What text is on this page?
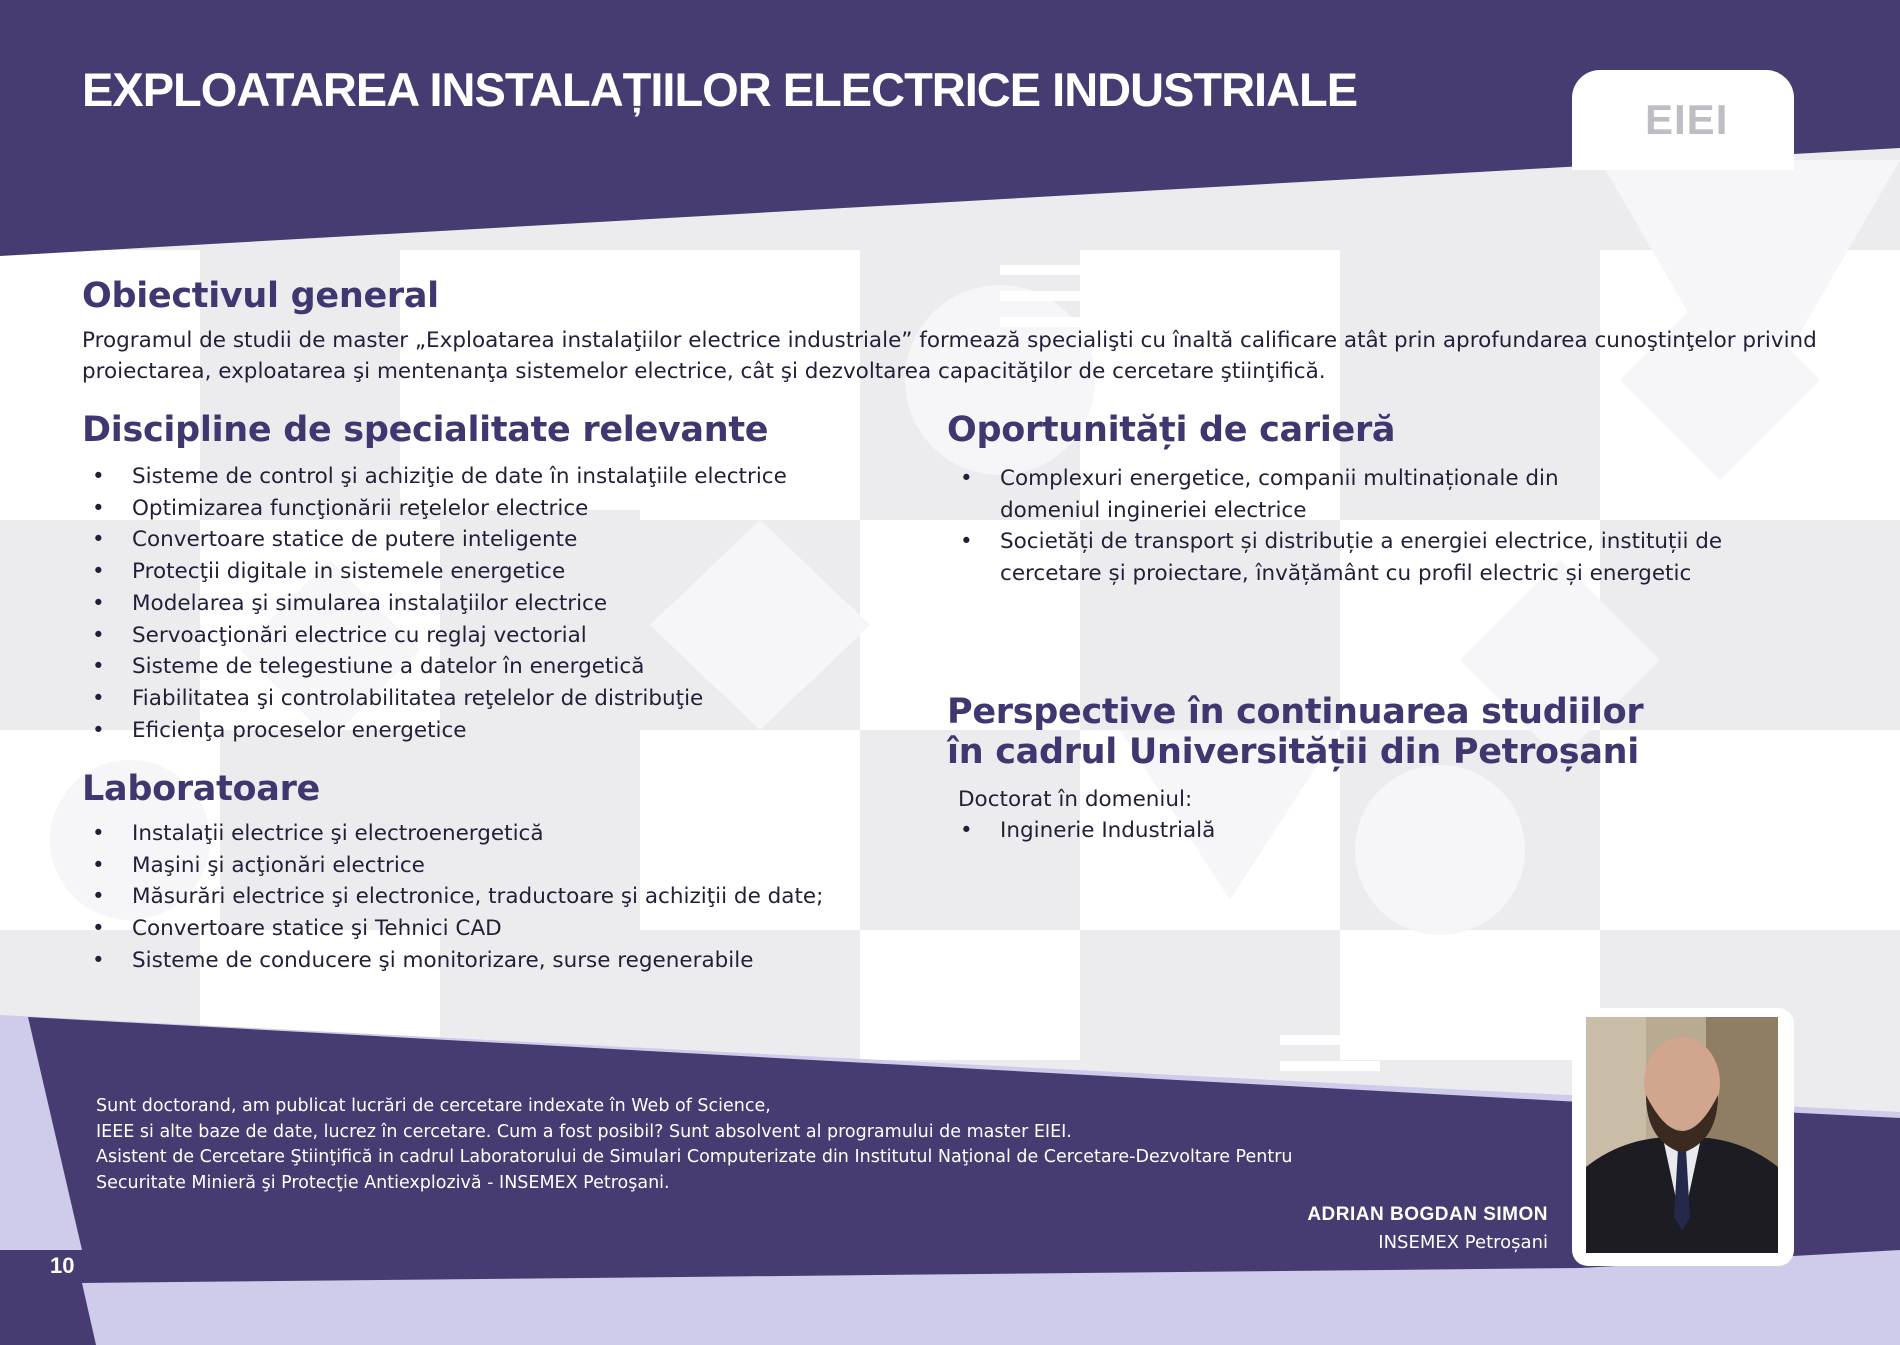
EIEI
EXPLOATAREA INSTALAȚIILOR ELECTRICE INDUSTRIALE
Obiectivul general

Programul de studii de master „Exploatarea instalaţiilor electrice industriale” formează specialişti cu înaltă calificare atât prin aprofundarea cunoştinţelor privind
proiectarea, exploatarea şi mentenanţa sistemelor electrice, cât şi dezvoltarea capacităţilor de cercetare ştiinţifică.

Discipline de specialitate relevante
• Sisteme de control şi achiziţie de date în instalaţiile electrice
• Optimizarea funcţionării reţelelor electrice
• Convertoare statice de putere inteligente
• Protecţii digitale in sistemele energetice
• Modelarea şi simularea instalaţiilor electrice
• Servoacţionări electrice cu reglaj vectorial
• Sisteme de telegestiune a datelor în energetică
• Fiabilitatea şi controlabilitatea reţelelor de distribuţie
• Eficienţa proceselor energetice
Laboratoare
• Instalaţii electrice şi electroenergetică
• Maşini şi acţionări electrice
• Măsurări electrice şi electronice, traductoare şi achiziţii de date;
• Convertoare statice şi Tehnici CAD
• Sisteme de conducere şi monitorizare, surse regenerabile
Oportunități de carieră
• Complexuri energetice, companii multinaționale din domeniul ingineriei electrice
• Societăți de transport și distribuție a energiei electrice, instituții de cercetare și proiectare, învățământ cu profil electric și energetic
Perspective în continuarea studiilor
în cadrul Universității din Petroșani

Doctorat în domeniul:

• Inginerie Industrială

Sunt doctorand, am publicat lucrări de cercetare indexate în Web of Science,
IEEE si alte baze de date, lucrez în cercetare. Cum a fost posibil? Sunt absolvent al programului de master EIEI.
Asistent de Cercetare Ştiinţifică in cadrul Laboratorului de Simulari Computerizate din Institutul Naţional de Cercetare-Dezvoltare Pentru
Securitate Minieră şi Protecţie Antiexplozivă - INSEMEX Petroşani.

ADRIAN BOGDAN SIMON
INSEMEX Petroșani
10
